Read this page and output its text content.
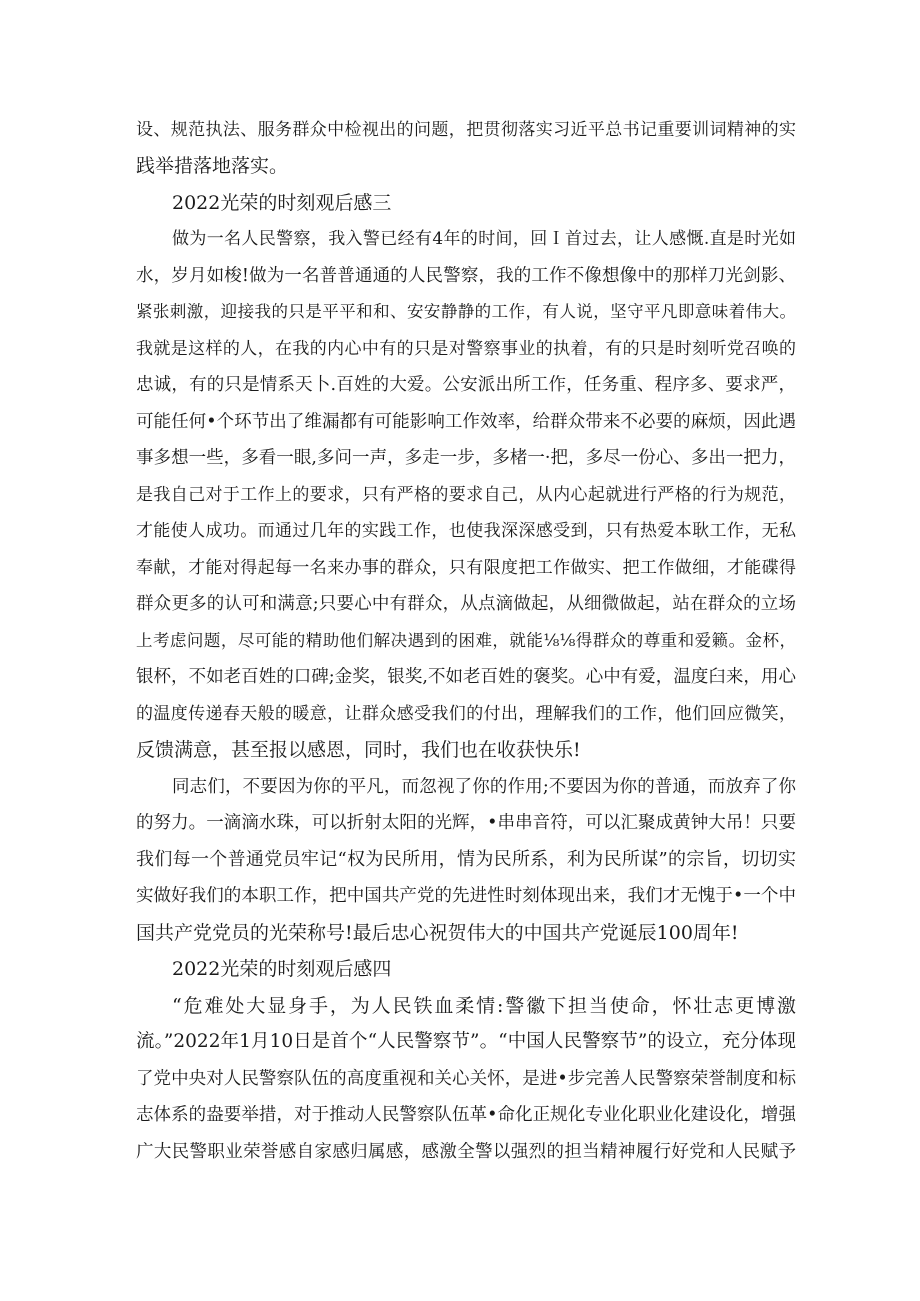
设、规范执法、服务群众中检视出的问题，把贯彻落实习近平总书记重要训词精神的实
践举措落地落实。
2022光荣的时刻观后感三
做为一名人民警察，我入警已经有4年的时间，回Ｉ首过去，让人感慨.直是时光如
水，岁月如梭!做为一名普普通通的人民警察，我的工作不像想像中的那样刀光剑影、
紧张刺激，迎接我的只是平平和和、安安静静的工作，有人说，坚守平凡即意味着伟大。
我就是这样的人，在我的内心中有的只是对警察事业的执着，有的只是时刻听党召唤的
忠诚，有的只是情系天卜.百姓的大爱。公安派出所工作，任务重、程序多、要求严，
可能任何•个环节出了维漏都有可能影响工作效率，给群众带来不必要的麻烦，因此遇
事多想一些，多看一眼,多问一声，多走一步，多楮一·把，多尽一份心、多出一把力，
是我自己对于工作上的要求，只有严格的要求自己，从内心起就进行严格的行为规范，
才能使人成功。而通过几年的实践工作，也使我深深感受到，只有热爱本耿工作，无私
奉献，才能对得起每一名来办事的群众，只有限度把工作做实、把工作做细，才能碟得
群众更多的认可和满意;只要心中有群众，从点滴做起，从细微做起，站在群众的立场
上考虑问题，尽可能的精助他们解决遇到的困难，就能⅛⅛得群众的尊重和爱籁。金杯，
银杯，不如老百姓的口碑;金奖，银奖,不如老百姓的褒奖。心中有爱，温度臼来，用心
的温度传递春天般的暖意，让群众感受我们的付出，理解我们的工作，他们回应微笑，
反馈满意，甚至报以感恩，同时，我们也在收获快乐!
同志们，不要因为你的平凡，而忽视了你的作用;不要因为你的普通，而放弃了你
的努力。一滴滴水珠，可以折射太阳的光辉，•串串音符，可以汇聚成黄钟大吊！只要
我们每一个普通党员牢记“权为民所用，情为民所系，利为民所谋”的宗旨，切切实
实做好我们的本职工作，把中国共产党的先进性时刻体现出来，我们才无愧于•一个中
国共产党党员的光荣称号!最后忠心祝贺伟大的中国共产党诞辰100周年!
2022光荣的时刻观后感四
“危难处大显身手，为人民铁血柔情:警徽下担当使命，怀壮志更博激
流。”2022年1月10日是首个“人民警察节”。“中国人民警察节”的设立，充分体现
了党中央对人民警察队伍的高度重视和关心关怀，是进•步完善人民警察荣誉制度和标
志体系的盎要举措，对于推动人民警察队伍革•命化正规化专业化职业化建设化，增强
广大民警职业荣誉感自家感归属感，感激全警以强烈的担当精神履行好党和人民赋予
